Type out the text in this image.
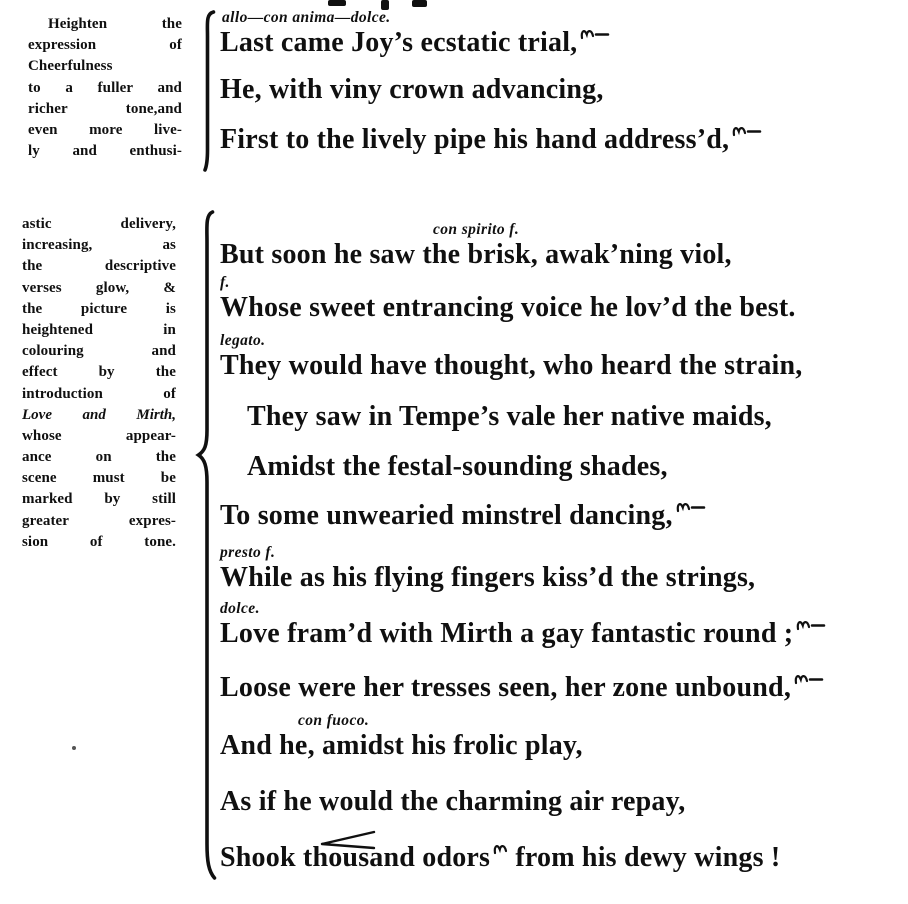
Heighten the
expression of
Cheerfulness
to a fuller and
richer tone,and
even more live-
ly and enthusi-
astic delivery,
increasing, as
the descriptive
verses glow, &
the picture is
heightened in
colouring and
effect by the
introduction of
Love and Mirth,
whose appear-
ance on the
scene must be
marked by still
greater expres-
sion of tone.
allo—con anima—dolce.
Last came Joy’s ecstatic trial,
He, with viny crown advancing,
First to the lively pipe his hand address’d,
con spirito f.
But soon he saw the brisk, awak’ning viol,
f.
Whose sweet entrancing voice he lov’d the best.
legato.
They would have thought, who heard the strain,
They saw in Tempe’s vale her native maids,
Amidst the festal-sounding shades,
To some unwearied minstrel dancing,
presto f.
While as his flying fingers kiss’d the strings,
dolce.
Love fram’d with Mirth a gay fantastic round ;
Loose were her tresses seen, her zone unbound,
con fuoco.
And he, amidst his frolic play,
As if he would the charming air repay,
Shook thousand
odors from his dewy wings !
